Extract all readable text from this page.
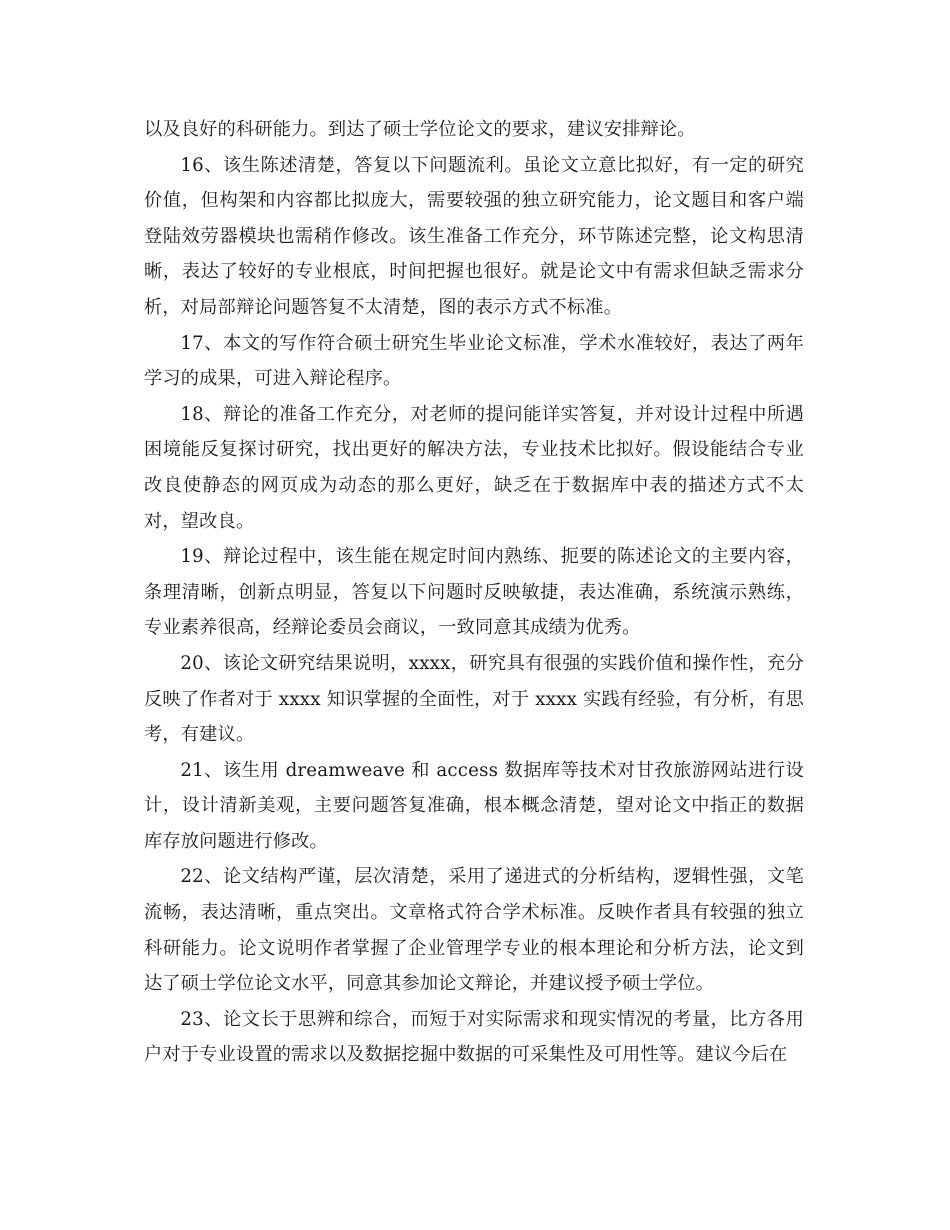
以及良好的科研能力。到达了硕士学位论文的要求，建议安排辩论。

16、该生陈述清楚，答复以下问题流利。虽论文立意比拟好，有一定的研究价值，但构架和内容都比拟庞大，需要较强的独立研究能力，论文题目和客户端登陆效劳器模块也需稍作修改。该生准备工作充分，环节陈述完整，论文构思清晰，表达了较好的专业根底，时间把握也很好。就是论文中有需求但缺乏需求分析，对局部辩论问题答复不太清楚，图的表示方式不标准。

17、本文的写作符合硕士研究生毕业论文标准，学术水准较好，表达了两年学习的成果，可进入辩论程序。

18、辩论的准备工作充分，对老师的提问能详实答复，并对设计过程中所遇困境能反复探讨研究，找出更好的解决方法，专业技术比拟好。假设能结合专业改良使静态的网页成为动态的那么更好，缺乏在于数据库中表的描述方式不太对，望改良。

19、辩论过程中，该生能在规定时间内熟练、扼要的陈述论文的主要内容，条理清晰，创新点明显，答复以下问题时反映敏捷，表达准确，系统演示熟练，专业素养很高，经辩论委员会商议，一致同意其成绩为优秀。

20、该论文研究结果说明，xxxx，研究具有很强的实践价值和操作性，充分反映了作者对于 xxxx 知识掌握的全面性，对于 xxxx 实践有经验，有分析，有思考，有建议。

21、该生用 dreamweave 和 access 数据库等技术对甘孜旅游网站进行设计，设计清新美观，主要问题答复准确，根本概念清楚，望对论文中指正的数据库存放问题进行修改。

22、论文结构严谨，层次清楚，采用了递进式的分析结构，逻辑性强，文笔流畅，表达清晰，重点突出。文章格式符合学术标准。反映作者具有较强的独立科研能力。论文说明作者掌握了企业管理学专业的根本理论和分析方法，论文到达了硕士学位论文水平，同意其参加论文辩论，并建议授予硕士学位。

23、论文长于思辨和综合，而短于对实际需求和现实情况的考量，比方各用户对于专业设置的需求以及数据挖掘中数据的可采集性及可用性等。建议今后在
